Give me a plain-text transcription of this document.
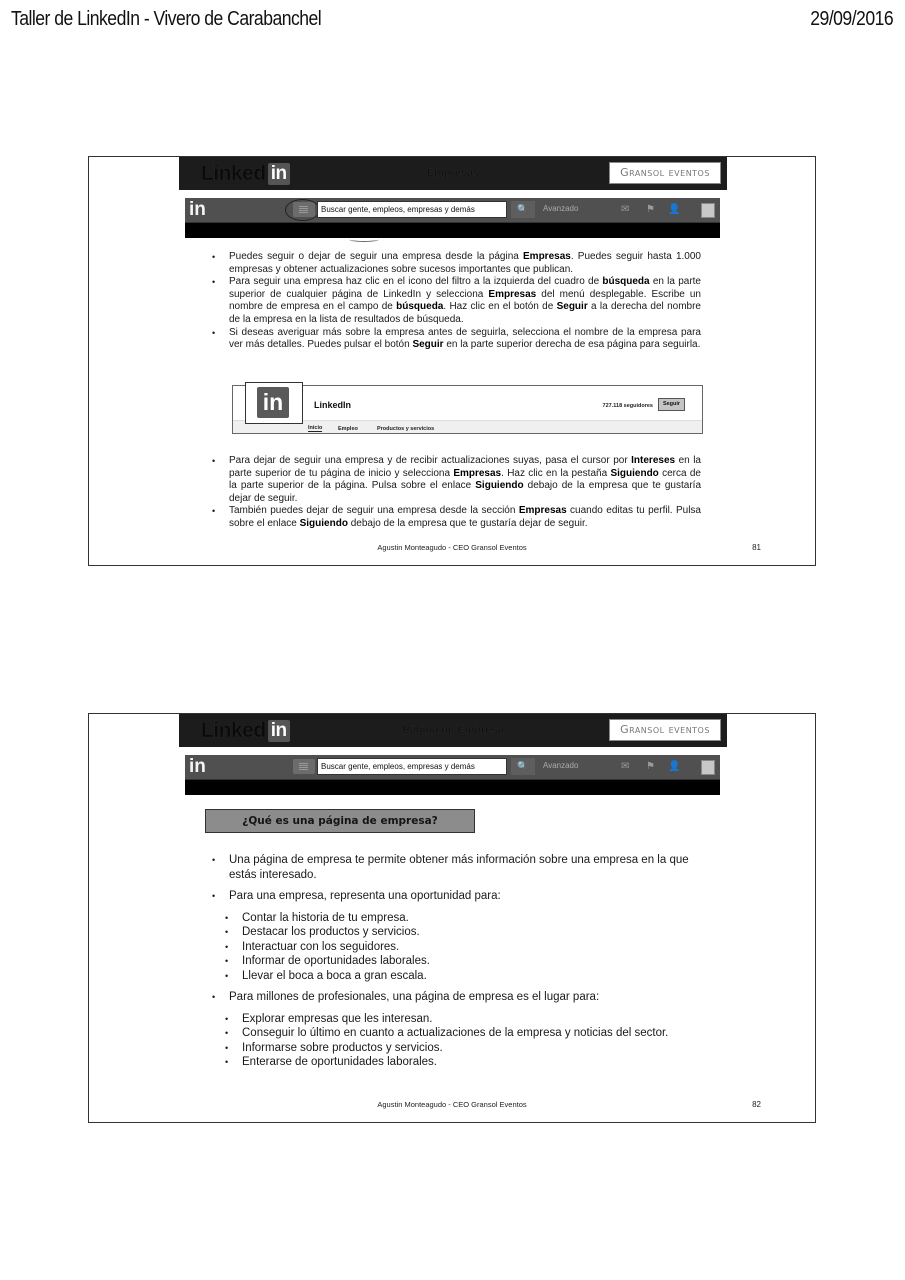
Taller de LinkedIn - Vivero de Carabanchel	29/09/2016
Linked in	Empresas	Gransol eventos
in	Buscar gente, empleos, empresas y demás	🔍	Avanzado	✉ ⚑ 👤
• Puedes seguir o dejar de seguir una empresa desde la página Empresas. Puedes seguir hasta 1.000 empresas y obtener actualizaciones sobre sucesos importantes que publican.
• Para seguir una empresa haz clic en el icono del filtro a la izquierda del cuadro de búsqueda en la parte superior de cualquier página de LinkedIn y selecciona Empresas del menú desplegable. Escribe un nombre de empresa en el campo de búsqueda. Haz clic en el botón de Seguir a la derecha del nombre de la empresa en la lista de resultados de búsqueda.
• Si deseas averiguar más sobre la empresa antes de seguirla, selecciona el nombre de la empresa para ver más detalles. Puedes pulsar el botón Seguir en la parte superior derecha de esa página para seguirla.
in	LinkedIn	727.118 seguidores	Seguir
Inicio	Empleo	Productos y servicios
• Para dejar de seguir una empresa y de recibir actualizaciones suyas, pasa el cursor por Intereses en la parte superior de tu página de inicio y selecciona Empresas. Haz clic en la pestaña Siguiendo cerca de la parte superior de la página. Pulsa sobre el enlace Siguiendo debajo de la empresa que te gustaría dejar de seguir.
• También puedes dejar de seguir una empresa desde la sección Empresas cuando editas tu perfil. Pulsa sobre el enlace Siguiendo debajo de la empresa que te gustaría dejar de seguir.
Agustin Monteagudo - CEO Gransol Eventos	81
Linked in	Página de Empresa	Gransol eventos
in	Buscar gente, empleos, empresas y demás	🔍	Avanzado	✉ ⚑ 👤
¿Qué es una página de empresa?
• Una página de empresa te permite obtener más información sobre una empresa en la que estás interesado.
• Para una empresa, representa una oportunidad para:
• Contar la historia de tu empresa.
• Destacar los productos y servicios.
• Interactuar con los seguidores.
• Informar de oportunidades laborales.
• Llevar el boca a boca a gran escala.
• Para millones de profesionales, una página de empresa es el lugar para:
• Explorar empresas que les interesan.
• Conseguir lo último en cuanto a actualizaciones de la empresa y noticias del sector.
• Informarse sobre productos y servicios.
• Enterarse de oportunidades laborales.
Agustin Monteagudo - CEO Gransol Eventos	82
